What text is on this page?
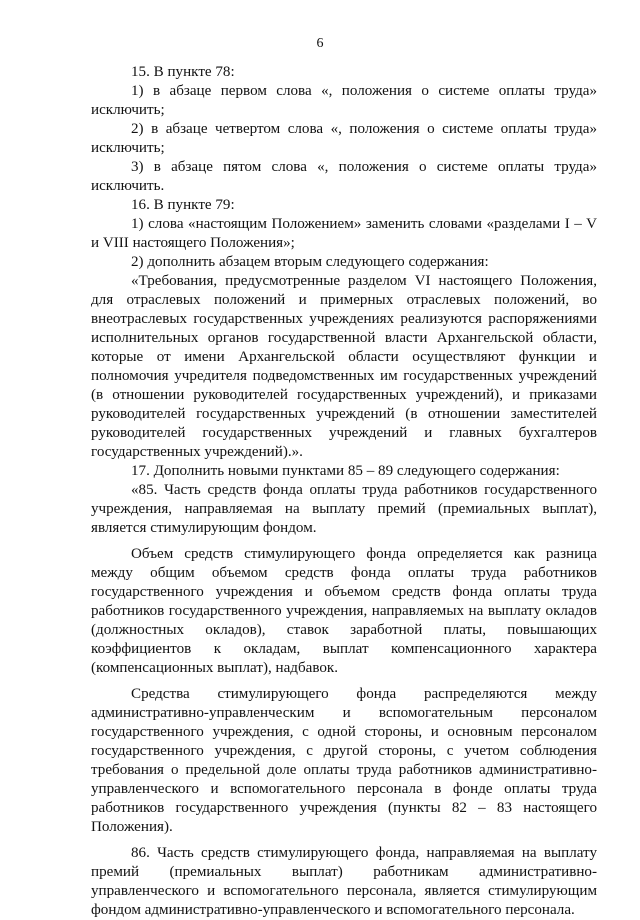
6

15. В пункте 78:

1) в абзаце первом слова «, положения о системе оплаты труда» исключить;

2) в абзаце четвертом слова «, положения о системе оплаты труда» исключить;

3) в абзаце пятом слова «, положения о системе оплаты труда» исключить.

16. В пункте 79:

1) слова «настоящим Положением» заменить словами «разделами I – V и VIII настоящего Положения»;

2) дополнить абзацем вторым следующего содержания:

«Требования, предусмотренные разделом VI настоящего Положения, для отраслевых положений и примерных отраслевых положений, во внеотраслевых государственных учреждениях реализуются распоряжениями исполнительных органов государственной власти Архангельской области, которые от имени Архангельской области осуществляют функции и полномочия учредителя подведомственных им государственных учреждений (в отношении руководителей государственных учреждений), и приказами руководителей государственных учреждений (в отношении заместителей руководителей государственных учреждений и главных бухгалтеров государственных учреждений).».

17. Дополнить новыми пунктами 85 – 89 следующего содержания:

«85. Часть средств фонда оплаты труда работников государственного учреждения, направляемая на выплату премий (премиальных выплат), является стимулирующим фондом.

Объем средств стимулирующего фонда определяется как разница между общим объемом средств фонда оплаты труда работников государственного учреждения и объемом средств фонда оплаты труда работников государственного учреждения, направляемых на выплату окладов (должностных окладов), ставок заработной платы, повышающих коэффициентов к окладам, выплат компенсационного характера (компенсационных выплат), надбавок.

Средства стимулирующего фонда распределяются между административно-управленческим и вспомогательным персоналом государственного учреждения, с одной стороны, и основным персоналом государственного учреждения, с другой стороны, с учетом соблюдения требования о предельной доле оплаты труда работников административно-управленческого и вспомогательного персонала в фонде оплаты труда работников государственного учреждения (пункты 82 – 83 настоящего Положения).

86. Часть средств стимулирующего фонда, направляемая на выплату премий (премиальных выплат) работникам административно-управленческого и вспомогательного персонала, является стимулирующим фондом административно-управленческого и вспомогательного персонала.
